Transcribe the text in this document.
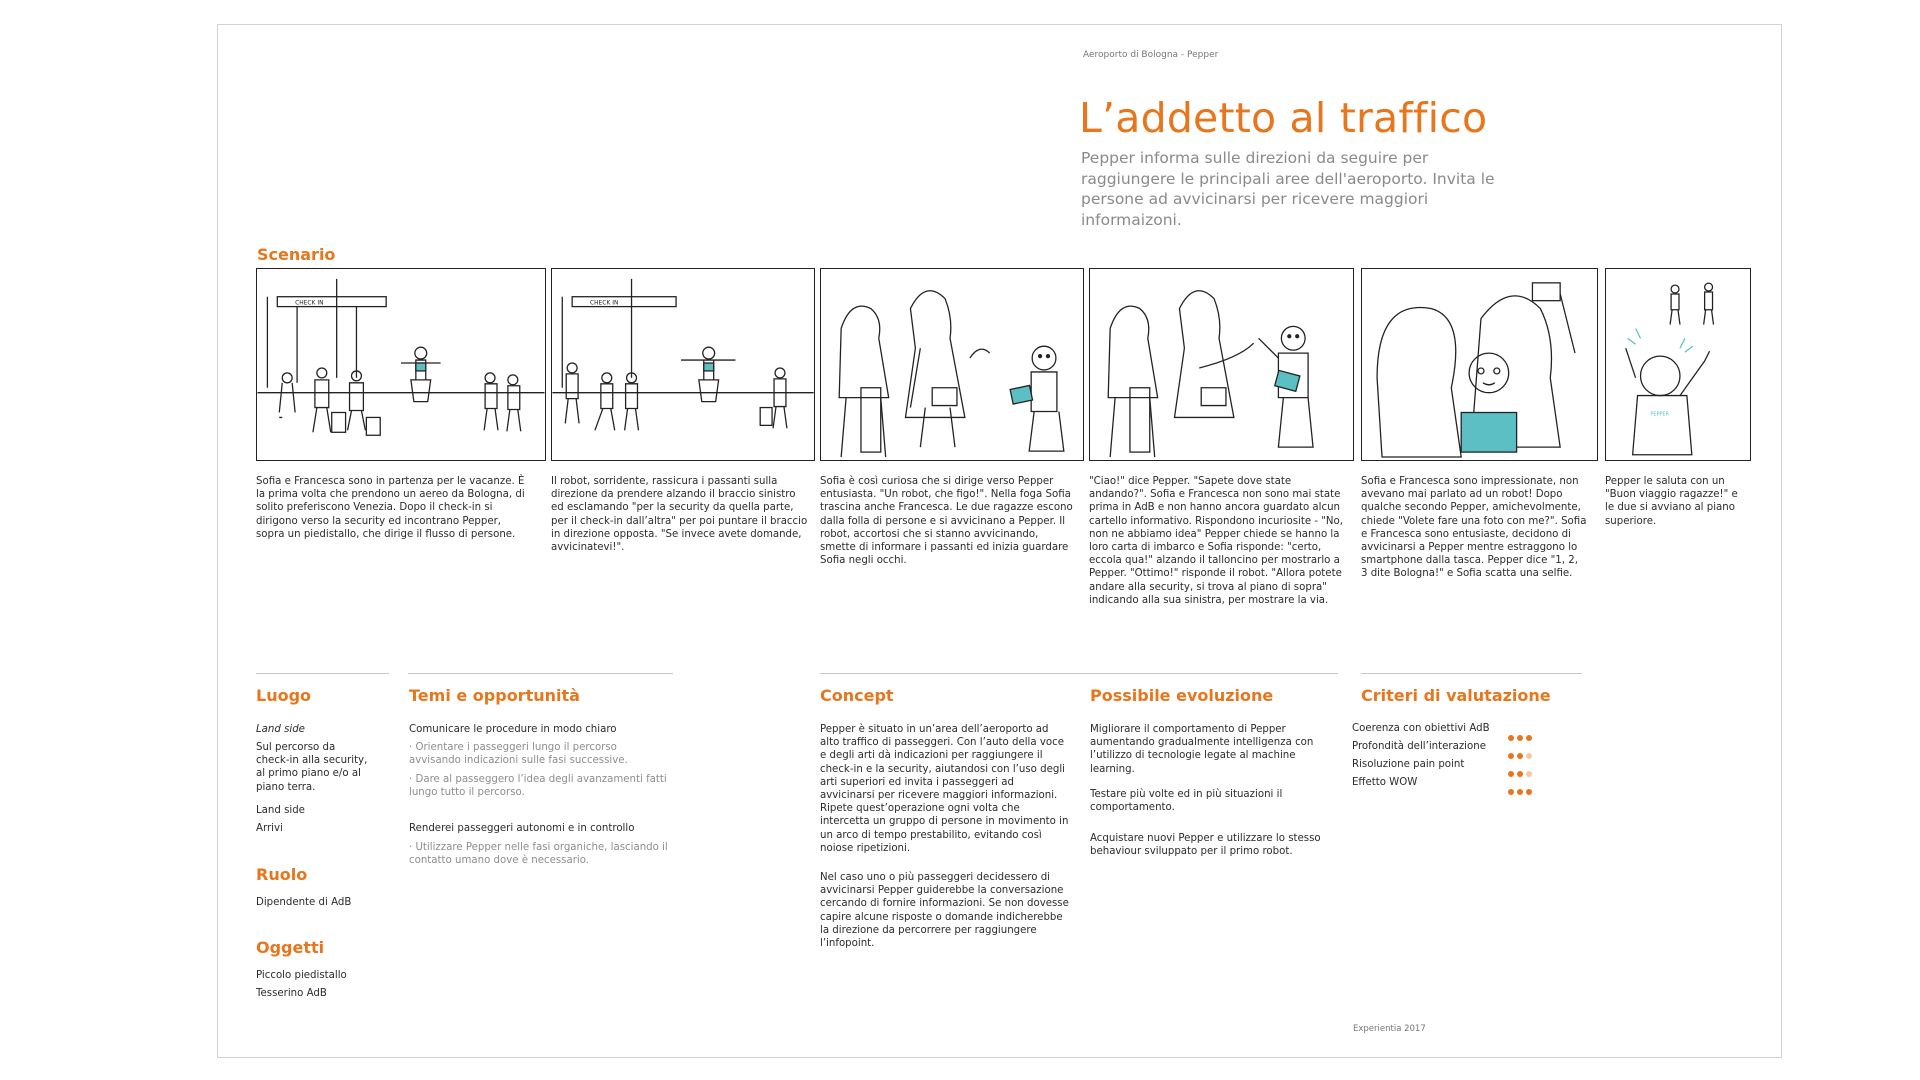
Aeroporto di Bologna - Pepper
L’addetto al traffico
Pepper informa sulle direzioni da seguire per raggiungere le principali aree dell'aeroporto. Invita le persone ad avvicinarsi per ricevere maggiori informaizoni.
Scenario
CHECK IN	CHECK IN
PEPPER
Sofia e Francesca sono in partenza per le vacanze. È la prima volta che prendono un aereo da Bologna, di solito preferiscono Venezia. Dopo il check-in si dirigono verso la security ed incontrano Pepper, sopra un piedistallo, che dirige il flusso di persone.
Il robot, sorridente, rassicura i passanti sulla direzione da prendere alzando il braccio sinistro ed esclamando "per la security da quella parte, per il check-in dall’altra" per poi puntare il braccio in direzione opposta. "Se invece avete domande, avvicinatevi!".
Sofia è così curiosa che si dirige verso Pepper entusiasta. "Un robot, che figo!". Nella foga Sofia trascina anche Francesca. Le due ragazze escono dalla folla di persone e si avvicinano a Pepper. Il robot, accortosi che si stanno avvicinando, smette di informare i passanti ed inizia guardare Sofia negli occhi.
"Ciao!" dice Pepper. "Sapete dove state andando?". Sofia e Francesca non sono mai state prima in AdB e non hanno ancora guardato alcun cartello informativo. Rispondono incuriosite - "No, non ne abbiamo idea" Pepper chiede se hanno la loro carta di imbarco e Sofia risponde: "certo, eccola qua!" alzando il talloncino per mostrarlo a Pepper. "Ottimo!" risponde il robot. "Allora potete andare alla security, si trova al piano di sopra" indicando alla sua sinistra, per mostrare la via.
Sofia e Francesca sono impressionate, non avevano mai parlato ad un robot! Dopo qualche secondo Pepper, amichevolmente, chiede "Volete fare una foto con me?". Sofia e Francesca sono entusiaste, decidono di avvicinarsi a Pepper mentre estraggono lo smartphone dalla tasca. Pepper dice "1, 2, 3 dite Bologna!" e Sofia scatta una selfie.
Pepper le saluta con un "Buon viaggio ragazze!" e le due si avviano al piano superiore.
Luogo
Land side
Sul percorso da check-in alla security, al primo piano e/o al piano terra.
Land side
Arrivi
Ruolo
Dipendente di AdB
Oggetti
Piccolo piedistallo
Tesserino AdB
Temi e opportunità
Comunicare le procedure in modo chiaro
· Orientare i passeggeri lungo il percorso avvisando indicazioni sulle fasi successive.
· Dare al passeggero l’idea degli avanzamenti fatti lungo tutto il percorso.
Renderei passeggeri autonomi e in controllo
· Utilizzare Pepper nelle fasi organiche, lasciando il contatto umano dove è necessario.
Concept
Pepper è situato in un’area dell’aeroporto ad alto traffico di passeggeri. Con l’auto della voce e degli arti dà indicazioni per raggiungere il check-in e la security, aiutandosi con l’uso degli arti superiori ed invita i passeggeri ad avvicinarsi per ricevere maggiori informazioni. Ripete quest’operazione ogni volta che intercetta un gruppo di persone in movimento in un arco di tempo prestabilito, evitando così noiose ripetizioni.
Nel caso uno o più passeggeri decidessero di avvicinarsi Pepper guiderebbe la conversazione cercando di fornire informazioni. Se non dovesse capire alcune risposte o domande indicherebbe la direzione da percorrere per raggiungere l’infopoint.
Possibile evoluzione
Migliorare il comportamento di Pepper aumentando gradualmente intelligenza con l’utilizzo di tecnologie legate al machine learning.
Testare più volte ed in più situazioni il comportamento.
Acquistare nuovi Pepper e utilizzare lo stesso behaviour sviluppato per il primo robot.
Criteri di valutazione
Coerenza con obiettivi AdB
Profondità dell’interazione
Risoluzione pain point
Effetto WOW
Experientia 2017
